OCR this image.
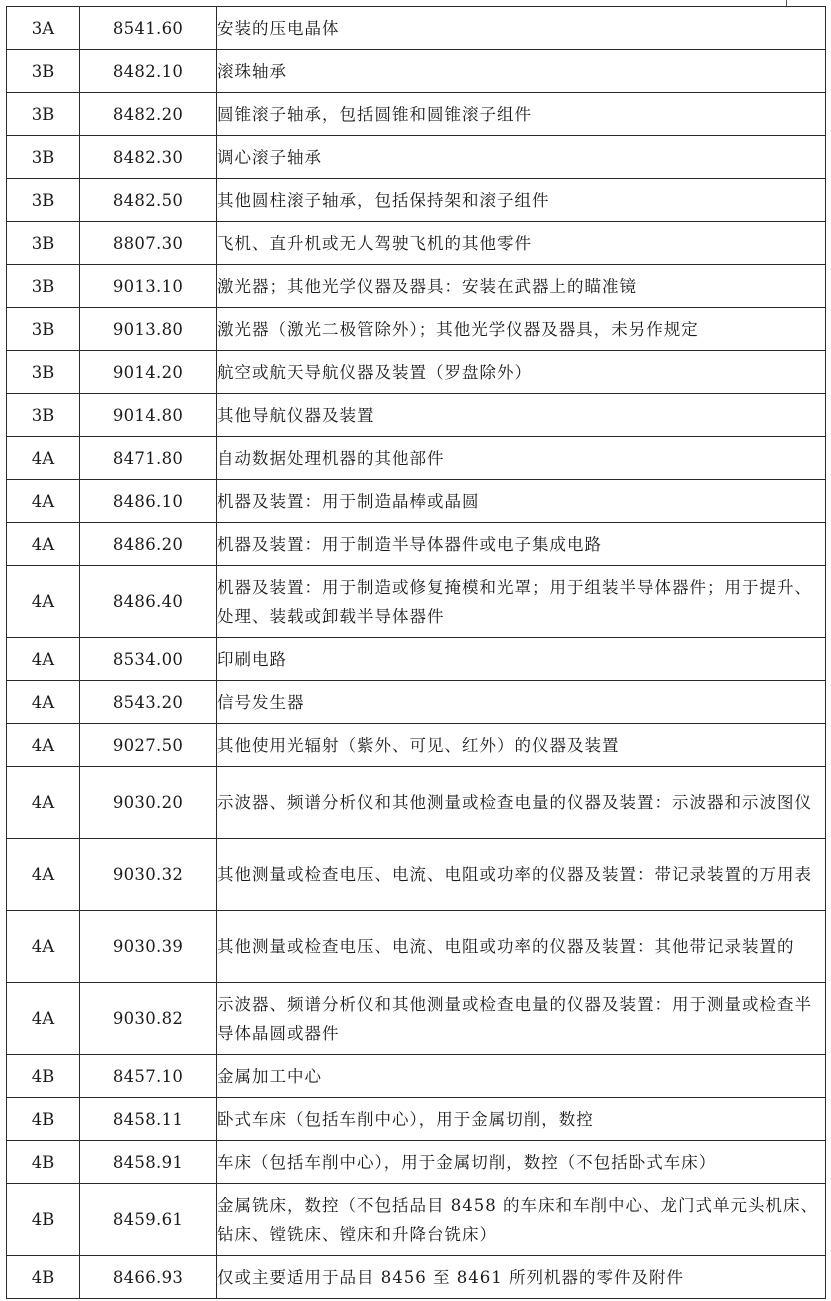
3A	8541.60	安装的压电晶体
3B	8482.10	滚珠轴承
3B	8482.20	圆锥滚子轴承，包括圆锥和圆锥滚子组件
3B	8482.30	调心滚子轴承
3B	8482.50	其他圆柱滚子轴承，包括保持架和滚子组件
3B	8807.30	飞机、直升机或无人驾驶飞机的其他零件
3B	9013.10	激光器；其他光学仪器及器具：安装在武器上的瞄准镜
3B	9013.80	激光器（激光二极管除外）；其他光学仪器及器具，未另作规定
3B	9014.20	航空或航天导航仪器及装置（罗盘除外）
3B	9014.80	其他导航仪器及装置
4A	8471.80	自动数据处理机器的其他部件
4A	8486.10	机器及装置：用于制造晶棒或晶圆
4A	8486.20	机器及装置：用于制造半导体器件或电子集成电路
4A	8486.40	机器及装置：用于制造或修复掩模和光罩；用于组装半导体器件；用于提升、处理、装载或卸载半导体器件
4A	8534.00	印刷电路
4A	8543.20	信号发生器
4A	9027.50	其他使用光辐射（紫外、可见、红外）的仪器及装置
4A	9030.20	示波器、频谱分析仪和其他测量或检查电量的仪器及装置：示波器和示波图仪
4A	9030.32	其他测量或检查电压、电流、电阻或功率的仪器及装置：带记录装置的万用表
4A	9030.39	其他测量或检查电压、电流、电阻或功率的仪器及装置：其他带记录装置的
4A	9030.82	示波器、频谱分析仪和其他测量或检查电量的仪器及装置：用于测量或检查半导体晶圆或器件
4B	8457.10	金属加工中心
4B	8458.11	卧式车床（包括车削中心），用于金属切削，数控
4B	8458.91	车床（包括车削中心），用于金属切削，数控（不包括卧式车床）
4B	8459.61	金属铣床，数控（不包括品目 8458 的车床和车削中心、龙门式单元头机床、钻床、镗铣床、镗床和升降台铣床）
4B	8466.93	仅或主要适用于品目 8456 至 8461 所列机器的零件及附件
